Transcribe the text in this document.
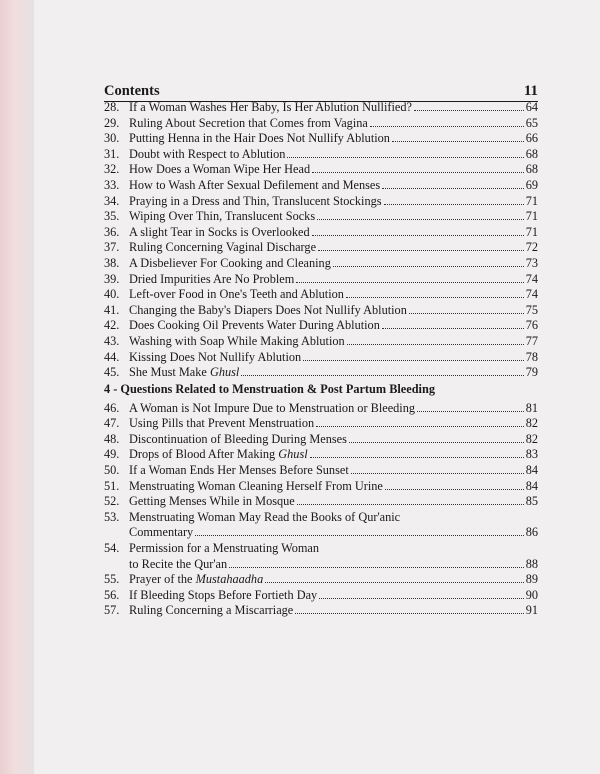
Contents	11
28. If a Woman Washes Her Baby, Is Her Ablution Nullified?	64
29. Ruling About Secretion that Comes from Vagina	65
30. Putting Henna in the Hair Does Not Nullify Ablution	66
31. Doubt with Respect to Ablution	68
32. How Does a Woman Wipe Her Head	68
33. How to Wash After Sexual Defilement and Menses	69
34. Praying in a Dress and Thin, Translucent Stockings	71
35. Wiping Over Thin, Translucent Socks	71
36. A slight Tear in Socks is Overlooked	71
37. Ruling Concerning Vaginal Discharge	72
38. A Disbeliever For Cooking and Cleaning	73
39. Dried Impurities Are No Problem	74
40. Left-over Food in One's Teeth and Ablution	74
41. Changing the Baby's Diapers Does Not Nullify Ablution	75
42. Does Cooking Oil Prevents Water During Ablution	76
43. Washing with Soap While Making Ablution	77
44. Kissing Does Not Nullify Ablution	78
45. She Must Make Ghusl	79
4 - Questions Related to Menstruation & Post Partum Bleeding
46. A Woman is Not Impure Due to Menstruation or Bleeding	81
47. Using Pills that Prevent Menstruation	82
48. Discontinuation of Bleeding During Menses	82
49. Drops of Blood After Making Ghusl	83
50. If a Woman Ends Her Menses Before Sunset	84
51. Menstruating Woman Cleaning Herself From Urine	84
52. Getting Menses While in Mosque	85
53. Menstruating Woman May Read the Books of Qur'anic
Commentary	86
54. Permission for a Menstruating Woman
to Recite the Qur'an	88
55. Prayer of the Mustahaadha	89
56. If Bleeding Stops Before Fortieth Day	90
57. Ruling Concerning a Miscarriage	91
